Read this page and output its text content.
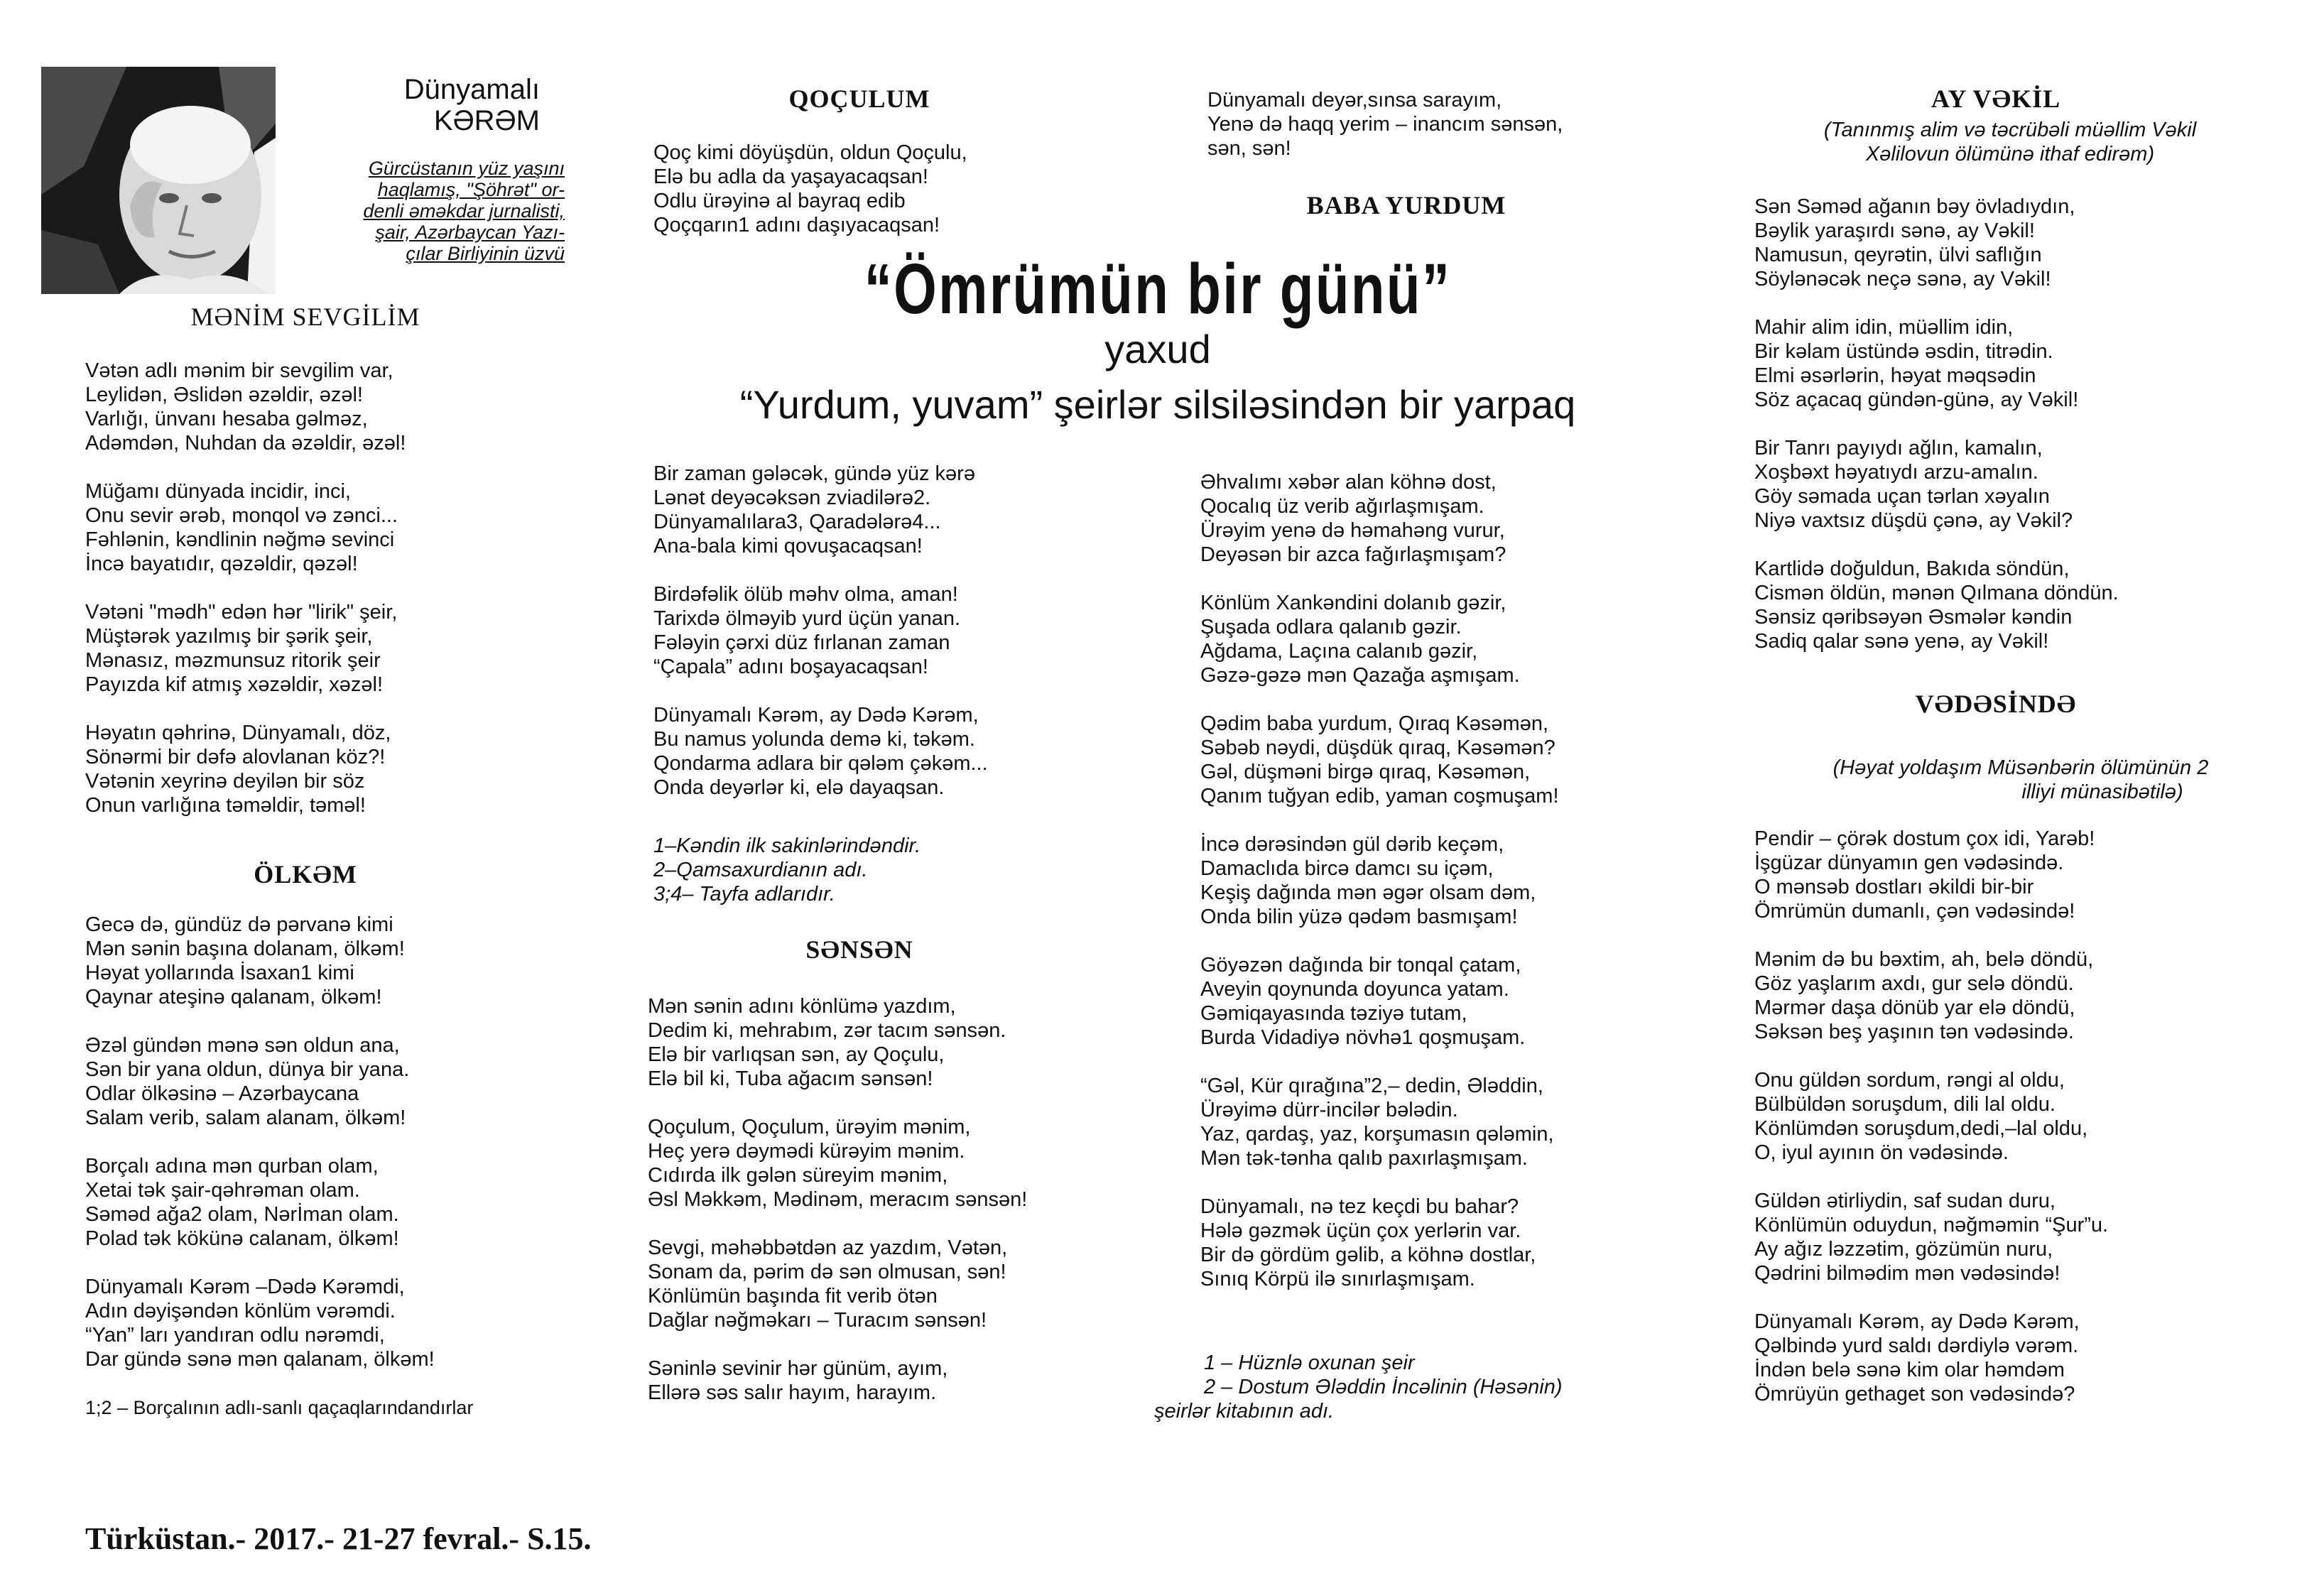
Dünyamalı
KƏRƏM

Gürcüstanın yüz yaşını

haqlamış, "Şöhrət" or-

denli əməkdar jurnalisti,

şair, Azərbaycan Yazı-

çılar Birliyinin üzvü

MƏNİM SEVGİLİM

Vətən adlı mənim bir sevgilim var,

Leylidən, Əslidən əzəldir, əzəl!

Varlığı, ünvanı hesaba gəlməz,

Adəmdən, Nuhdan da əzəldir, əzəl!

Müğamı dünyada incidir, inci,

Onu sevir ərəb, monqol və zənci...

Fəhlənin, kəndlinin nəğmə sevinci

İncə bayatıdır, qəzəldir, qəzəl!

Vətəni "mədh" edən hər "lirik" şeir,

Müştərək yazılmış bir şərik şeir,

Mənasız, məzmunsuz ritorik şeir

Payızda kif atmış xəzəldir, xəzəl!

Həyatın qəhrinə, Dünyamalı, döz,

Sönərmi bir dəfə alovlanan köz?!

Vətənin xeyrinə deyilən bir söz

Onun varlığına təməldir, təməl!

ÖLKƏM

Gecə də, gündüz də pərvanə kimi

Mən sənin başına dolanam, ölkəm!

Həyat yollarında İsaxan1 kimi

Qaynar ateşinə qalanam, ölkəm!

Əzəl gündən mənə sən oldun ana,

Sən bir yana oldun, dünya bir yana.

Odlar ölkəsinə – Azərbaycana

Salam verib, salam alanam, ölkəm!

Borçalı adına mən qurban olam,

Xetai tək şair-qəhrəman olam.

Səməd ağa2 olam, Nərİman olam.

Polad tək kökünə calanam, ölkəm!

Dünyamalı Kərəm –Dədə Kərəmdi,

Adın dəyişəndən könlüm vərəmdi.

“Yan” ları yandıran odlu nərəmdi,

Dar gündə sənə mən qalanam, ölkəm!

1;2 – Borçalının adlı-sanlı qaçaqlarındandırlar

QOÇULUM

Qoç kimi döyüşdün, oldun Qoçulu,

Elə bu adla da yaşayacaqsan!

Odlu ürəyinə al bayraq edib

Qoçqarın1 adını daşıyacaqsan!

Dünyamalı deyər,sınsa sarayım,

Yenə də haqq yerim – inancım sənsən,

sən, sən!

BABA YURDUM
“Ömrümün bir günü”
yaxud
“Yurdum, yuvam” şeirlər silsiləsindən bir yarpaq

Bir zaman gələcək, gündə yüz kərə

Lənət deyəcəksən zviadilərə2.

Dünyamalılara3, Qaradələrə4...

Ana-bala kimi qovuşacaqsan!

Birdəfəlik ölüb məhv olma, aman!

Tarixdə ölməyib yurd üçün yanan.

Fələyin çərxi düz fırlanan zaman

“Çapala” adını boşayacaqsan!

Dünyamalı Kərəm, ay Dədə Kərəm,

Bu namus yolunda demə ki, təkəm.

Qondarma adlara bir qələm çəkəm...

Onda deyərlər ki, elə dayaqsan.

1–Kəndin ilk sakinlərindəndir.

2–Qamsaxurdianın adı.

3;4– Tayfa adlarıdır.

SƏNSƏN

Mən sənin adını könlümə yazdım,

Dedim ki, mehrabım, zər tacım sənsən.

Elə bir varlıqsan sən, ay Qoçulu,

Elə bil ki, Tuba ağacım sənsən!

Qoçulum, Qoçulum, ürəyim mənim,

Heç yerə dəymədi kürəyim mənim.

Cıdırda ilk gələn süreyim mənim,

Əsl Məkkəm, Mədinəm, meracım sənsən!

Sevgi, məhəbbətdən az yazdım, Vətən,

Sonam da, pərim də sən olmusan, sən!

Könlümün başında fit verib ötən

Dağlar nəğməkarı – Turacım sənsən!

Səninlə sevinir hər günüm, ayım,

Ellərə səs salır hayım, harayım.

Əhvalımı xəbər alan köhnə dost,

Qocalıq üz verib ağırlaşmışam.

Ürəyim yenə də həmahəng vurur,

Deyəsən bir azca fağırlaşmışam?

Könlüm Xankəndini dolanıb gəzir,

Şuşada odlara qalanıb gəzir.

Ağdama, Laçına calanıb gəzir,

Gəzə-gəzə mən Qazağa aşmışam.

Qədim baba yurdum, Qıraq Kəsəmən,

Səbəb nəydi, düşdük qıraq, Kəsəmən?

Gəl, düşməni birgə qıraq, Kəsəmən,

Qanım tuğyan edib, yaman coşmuşam!

İncə dərəsindən gül dərib keçəm,

Damaclıda bircə damcı su içəm,

Keşiş dağında mən əgər olsam dəm,

Onda bilin yüzə qədəm basmışam!

Göyəzən dağında bir tonqal çatam,

Aveyin qoynunda doyunca yatam.

Gəmiqayasında təziyə tutam,

Burda Vidadiyə növhə1 qoşmuşam.

“Gəl, Kür qırağına”2,– dedin, Ələddin,

Ürəyimə dürr-incilər bələdin.

Yaz, qardaş, yaz, korşumasın qələmin,

Mən tək-tənha qalıb paxırlaşmışam.

Dünyamalı, nə tez keçdi bu bahar?

Hələ gəzmək üçün çox yerlərin var.

Bir də gördüm gəlib, a köhnə dostlar,

Sınıq Körpü ilə sınırlaşmışam.

1 – Hüznlə oxunan şeir

2 – Dostum Ələddin İncəlinin (Həsənin)

şeirlər kitabının adı.

AY VƏKİL

(Tanınmış alim və təcrübəli müəllim Vəkil

Xəlilovun ölümünə ithaf edirəm)

Sən Səməd ağanın bəy övladıydın,

Bəylik yaraşırdı sənə, ay Vəkil!

Namusun, qeyrətin, ülvi saflığın

Söylənəcək neçə sənə, ay Vəkil!

Mahir alim idin, müəllim idin,

Bir kəlam üstündə əsdin, titrədin.

Elmi əsərlərin, həyat məqsədin

Söz açacaq gündən-günə, ay Vəkil!

Bir Tanrı payıydı ağlın, kamalın,

Xoşbəxt həyatıydı arzu-amalın.

Göy səmada uçan tərlan xəyalın

Niyə vaxtsız düşdü çənə, ay Vəkil?

Kartlidə doğuldun, Bakıda söndün,

Cismən öldün, mənən Qılmana döndün.

Sənsiz qəribsəyən Əsmələr kəndin

Sadiq qalar sənə yenə, ay Vəkil!

VƏDƏSİNDƏ

(Həyat yoldaşım Müsənbərin ölümünün 2

illiyi münasibətilə)

Pendir – çörək dostum çox idi, Yarəb!

İşgüzar dünyamın gen vədəsində.

O mənsəb dostları əkildi bir-bir

Ömrümün dumanlı, çən vədəsində!

Mənim də bu bəxtim, ah, belə döndü,

Göz yaşlarım axdı, gur selə döndü.

Mərmər daşa dönüb yar elə döndü,

Səksən beş yaşının tən vədəsində.

Onu güldən sordum, rəngi al oldu,

Bülbüldən soruşdum, dili lal oldu.

Könlümdən soruşdum,dedi,–lal oldu,

O, iyul ayının ön vədəsində.

Güldən ətirliydin, saf sudan duru,

Könlümün oduydun, nəğməmin “Şur”u.

Ay ağız ləzzətim, gözümün nuru,

Qədrini bilmədim mən vədəsində!

Dünyamalı Kərəm, ay Dədə Kərəm,

Qəlbində yurd saldı dərdiylə vərəm.

İndən belə sənə kim olar həmdəm

Ömrüyün gethaget son vədəsində?

Türküstan.- 2017.- 21-27 fevral.- S.15.
